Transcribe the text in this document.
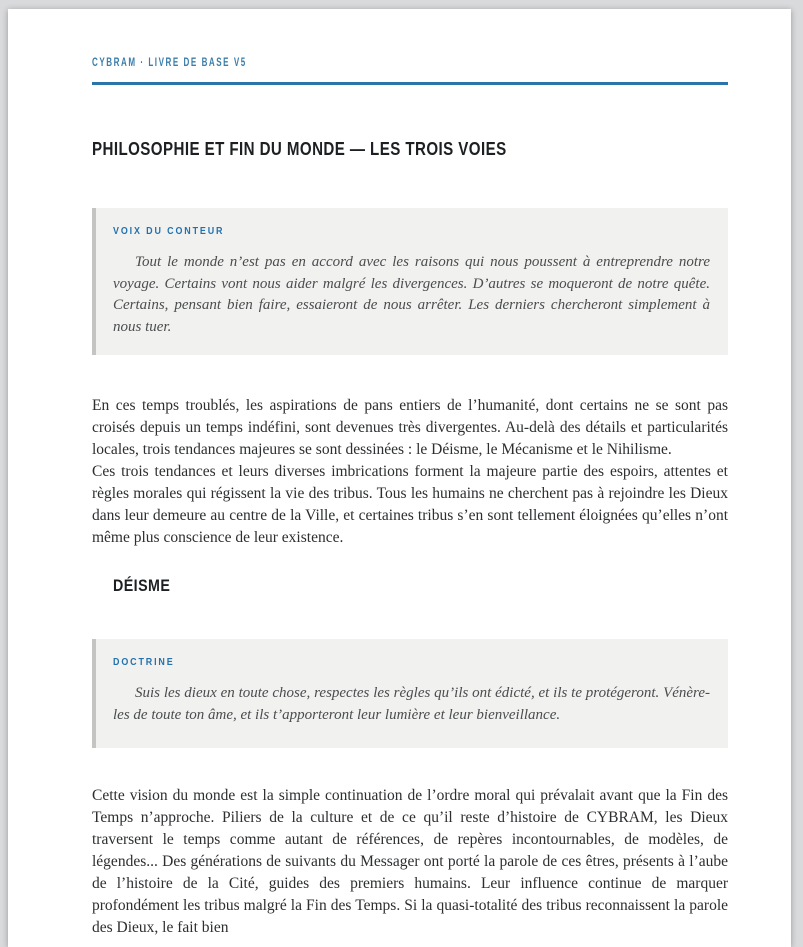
CYBRAM · LIVRE DE BASE V5
PHILOSOPHIE ET FIN DU MONDE — LES TROIS VOIES
VOIX DU CONTEUR

Tout le monde n’est pas en accord avec les raisons qui nous poussent à entreprendre notre voyage. Certains vont nous aider malgré les divergences. D’autres se moqueront de notre quête. Certains, pensant bien faire, essaieront de nous arrêter. Les derniers chercheront simplement à nous tuer.

En ces temps troublés, les aspirations de pans entiers de l’humanité, dont certains ne se sont pas croisés depuis un temps indéfini, sont devenues très divergentes. Au-delà des détails et particularités locales, trois tendances majeures se sont dessinées : le Déisme, le Mécanisme et le Nihilisme.

Ces trois tendances et leurs diverses imbrications forment la majeure partie des espoirs, attentes et règles morales qui régissent la vie des tribus. Tous les humains ne cherchent pas à rejoindre les Dieux dans leur demeure au centre de la Ville, et certaines tribus s’en sont tellement éloignées qu’elles n’ont même plus conscience de leur existence.

DÉISME
DOCTRINE

Suis les dieux en toute chose, respectes les règles qu’ils ont édicté, et ils te protégeront. Vénère-les de toute ton âme, et ils t’apporteront leur lumière et leur bienveillance.

Cette vision du monde est la simple continuation de l’ordre moral qui prévalait avant que la Fin des Temps n’approche. Piliers de la culture et de ce qu’il reste d’histoire de CYBRAM, les Dieux traversent le temps comme autant de références, de repères incontournables, de modèles, de légendes... Des générations de suivants du Messager ont porté la parole de ces êtres, présents à l’aube de l’histoire de la Cité, guides des premiers humains. Leur influence continue de marquer profondément les tribus malgré la Fin des Temps. Si la quasi-totalité des tribus reconnaissent la parole des Dieux, le fait bien
